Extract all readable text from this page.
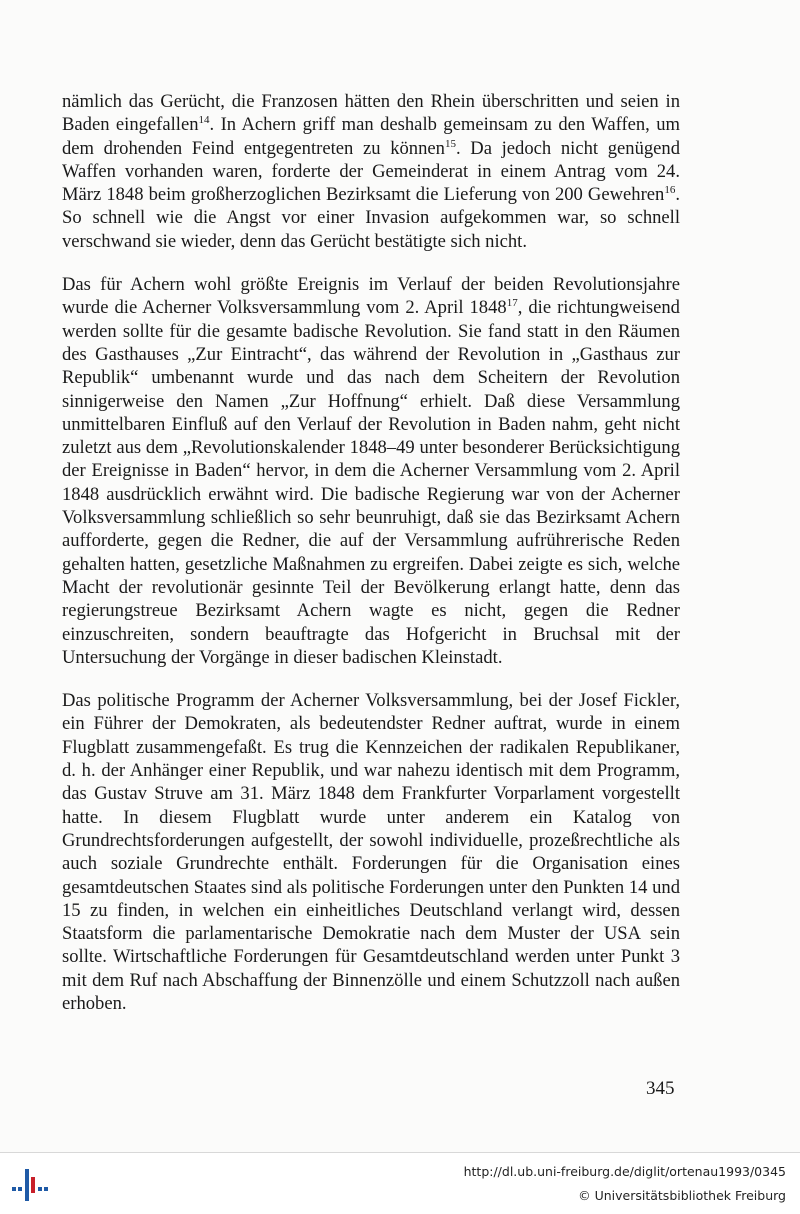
nämlich das Gerücht, die Franzosen hätten den Rhein überschritten und seien in Baden eingefallen$^{14}$. In Achern griff man deshalb gemeinsam zu den Waffen, um dem drohenden Feind entgegentreten zu können$^{15}$. Da jedoch nicht genügend Waffen vorhanden waren, forderte der Gemeinderat in einem Antrag vom 24. März 1848 beim großherzoglichen Bezirksamt die Lieferung von 200 Gewehren$^{16}$. So schnell wie die Angst vor einer Invasion aufgekommen war, so schnell verschwand sie wieder, denn das Gerücht bestätigte sich nicht.

Das für Achern wohl größte Ereignis im Verlauf der beiden Revolutionsjahre wurde die Acherner Volksversammlung vom 2. April 1848$^{17}$, die richtungweisend werden sollte für die gesamte badische Revolution. Sie fand statt in den Räumen des Gasthauses „Zur Eintracht“, das während der Revolution in „Gasthaus zur Republik“ umbenannt wurde und das nach dem Scheitern der Revolution sinnigerweise den Namen „Zur Hoffnung“ erhielt. Daß diese Versammlung unmittelbaren Einfluß auf den Verlauf der Revolution in Baden nahm, geht nicht zuletzt aus dem „Revolutionskalender 1848–49 unter besonderer Berücksichtigung der Ereignisse in Baden“ hervor, in dem die Acherner Versammlung vom 2. April 1848 ausdrücklich erwähnt wird. Die badische Regierung war von der Acherner Volksversammlung schließlich so sehr beunruhigt, daß sie das Bezirksamt Achern aufforderte, gegen die Redner, die auf der Versammlung aufrührerische Reden gehalten hatten, gesetzliche Maßnahmen zu ergreifen. Dabei zeigte es sich, welche Macht der revolutionär gesinnte Teil der Bevölkerung erlangt hatte, denn das regierungstreue Bezirksamt Achern wagte es nicht, gegen die Redner einzuschreiten, sondern beauftragte das Hofgericht in Bruchsal mit der Untersuchung der Vorgänge in dieser badischen Kleinstadt.

Das politische Programm der Acherner Volksversammlung, bei der Josef Fickler, ein Führer der Demokraten, als bedeutendster Redner auftrat, wurde in einem Flugblatt zusammengefaßt. Es trug die Kennzeichen der radikalen Republikaner, d. h. der Anhänger einer Republik, und war nahezu identisch mit dem Programm, das Gustav Struve am 31. März 1848 dem Frankfurter Vorparlament vorgestellt hatte. In diesem Flugblatt wurde unter anderem ein Katalog von Grundrechtsforderungen aufgestellt, der sowohl individuelle, prozeßrechtliche als auch soziale Grundrechte enthält. Forderungen für die Organisation eines gesamtdeutschen Staates sind als politische Forderungen unter den Punkten 14 und 15 zu finden, in welchen ein einheitliches Deutschland verlangt wird, dessen Staatsform die parlamentarische Demokratie nach dem Muster der USA sein sollte. Wirtschaftliche Forderungen für Gesamtdeutschland werden unter Punkt 3 mit dem Ruf nach Abschaffung der Binnenzölle und einem Schutzzoll nach außen erhoben.

345
http://dl.ub.uni-freiburg.de/diglit/ortenau1993/0345
© Universitätsbibliothek Freiburg
